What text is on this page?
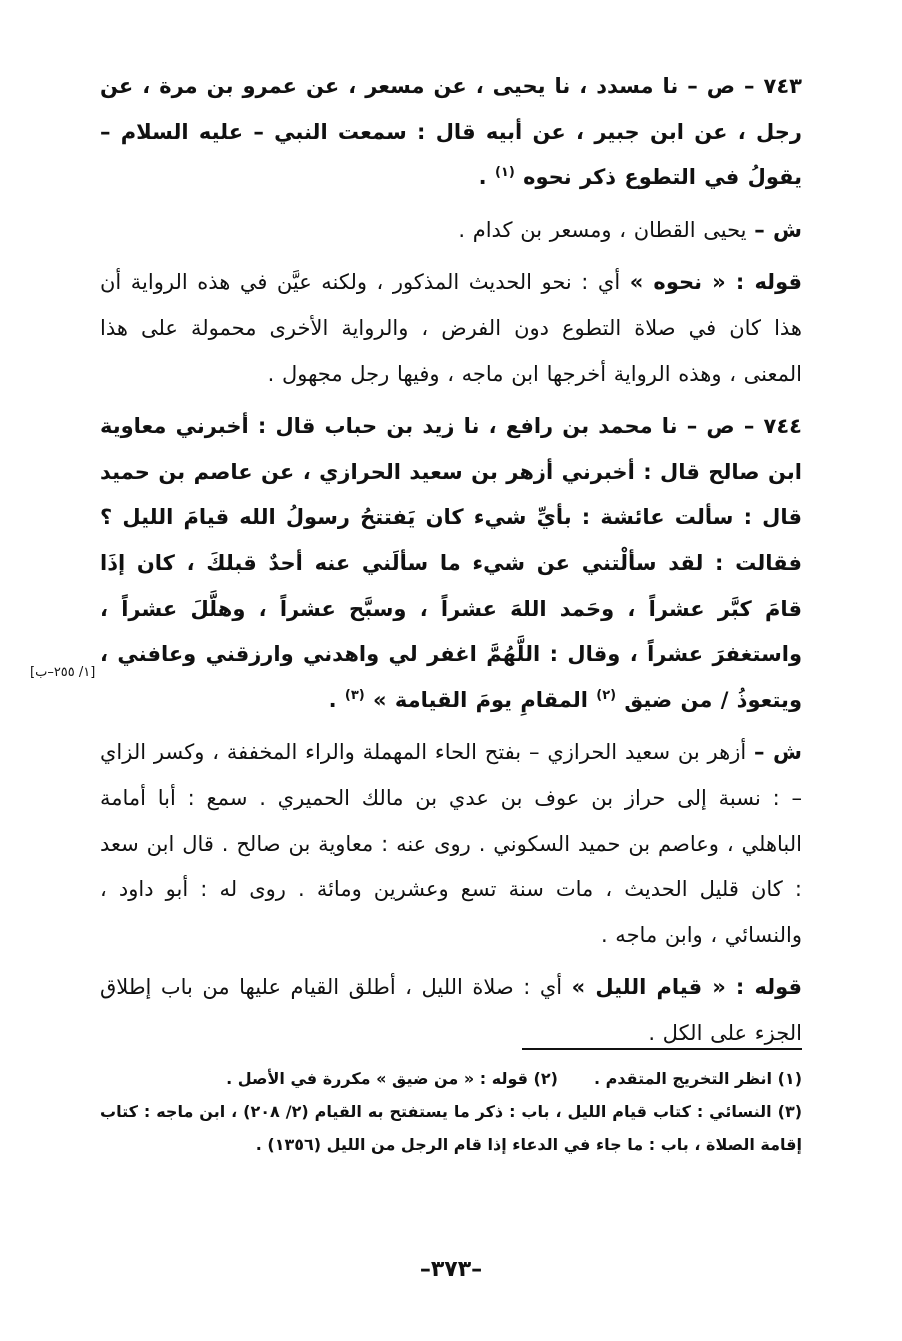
٧٤٣ – ص – نا مسدد ، نا يحيى ، عن مسعر ، عن عمرو بن مرة ، عن رجل ، عن ابن جبير ، عن أبيه قال : سمعت النبي – عليه السلام – يقولُ في التطوع ذكر نحوه $^{(١)}$ .

ش – يحيى القطان ، ومسعر بن كدام .

قوله : « نحوه » أي : نحو الحديث المذكور ، ولكنه عيَّن في هذه الرواية أن هذا كان في صلاة التطوع دون الفرض ، والرواية الأخرى محمولة على هذا المعنى ، وهذه الرواية أخرجها ابن ماجه ، وفيها رجل مجهول .

٧٤٤ – ص – نا محمد بن رافع ، نا زيد بن حباب قال : أخبرني معاوية ابن صالح قال : أخبرني أزهر بن سعيد الحرازي ، عن عاصم بن حميد قال : سألت عائشة : بأيِّ شيء كان يَفتتحُ رسولُ الله قيامَ الليل ؟ فقالت : لقد سألْتني عن شيء ما سألَني عنه أحدٌ قبلكَ ، كان إذَا قامَ كبَّر عشراً ، وحَمد اللهَ عشراً ، وسبَّح عشراً ، وهلَّلَ عشراً ، واستغفرَ عشراً ، وقال : اللَّهُمَّ اغفر لي واهدني وارزقني وعافني ، ويتعوذُ / من ضيق $^{(٢)}$ المقامِ يومَ القيامة » $^{(٣)}$ .

ش – أزهر بن سعيد الحرازي – بفتح الحاء المهملة والراء المخففة ، وكسر الزاي – : نسبة إلى حراز بن عوف بن عدي بن مالك الحميري . سمع : أبا أمامة الباهلي ، وعاصم بن حميد السكوني . روى عنه : معاوية بن صالح . قال ابن سعد : كان قليل الحديث ، مات سنة تسع وعشرين ومائة . روى له : أبو داود ، والنسائي ، وابن ماجه .

قوله : « قيام الليل » أي : صلاة الليل ، أطلق القيام عليها من باب إطلاق الجزء على الكل .

[١/ ٢٥٥–ب]

(١) انظر التخريج المتقدم .(٢) قوله : « من ضيق » مكررة في الأصل .

(٣) النسائي : كتاب قيام الليل ، باب : ذكر ما يستفتح به القيام (٢/ ٢٠٨) ، ابن ماجه : كتاب إقامة الصلاة ، باب : ما جاء في الدعاء إذا قام الرجل من الليل (١٣٥٦) .

–٣٧٣–
